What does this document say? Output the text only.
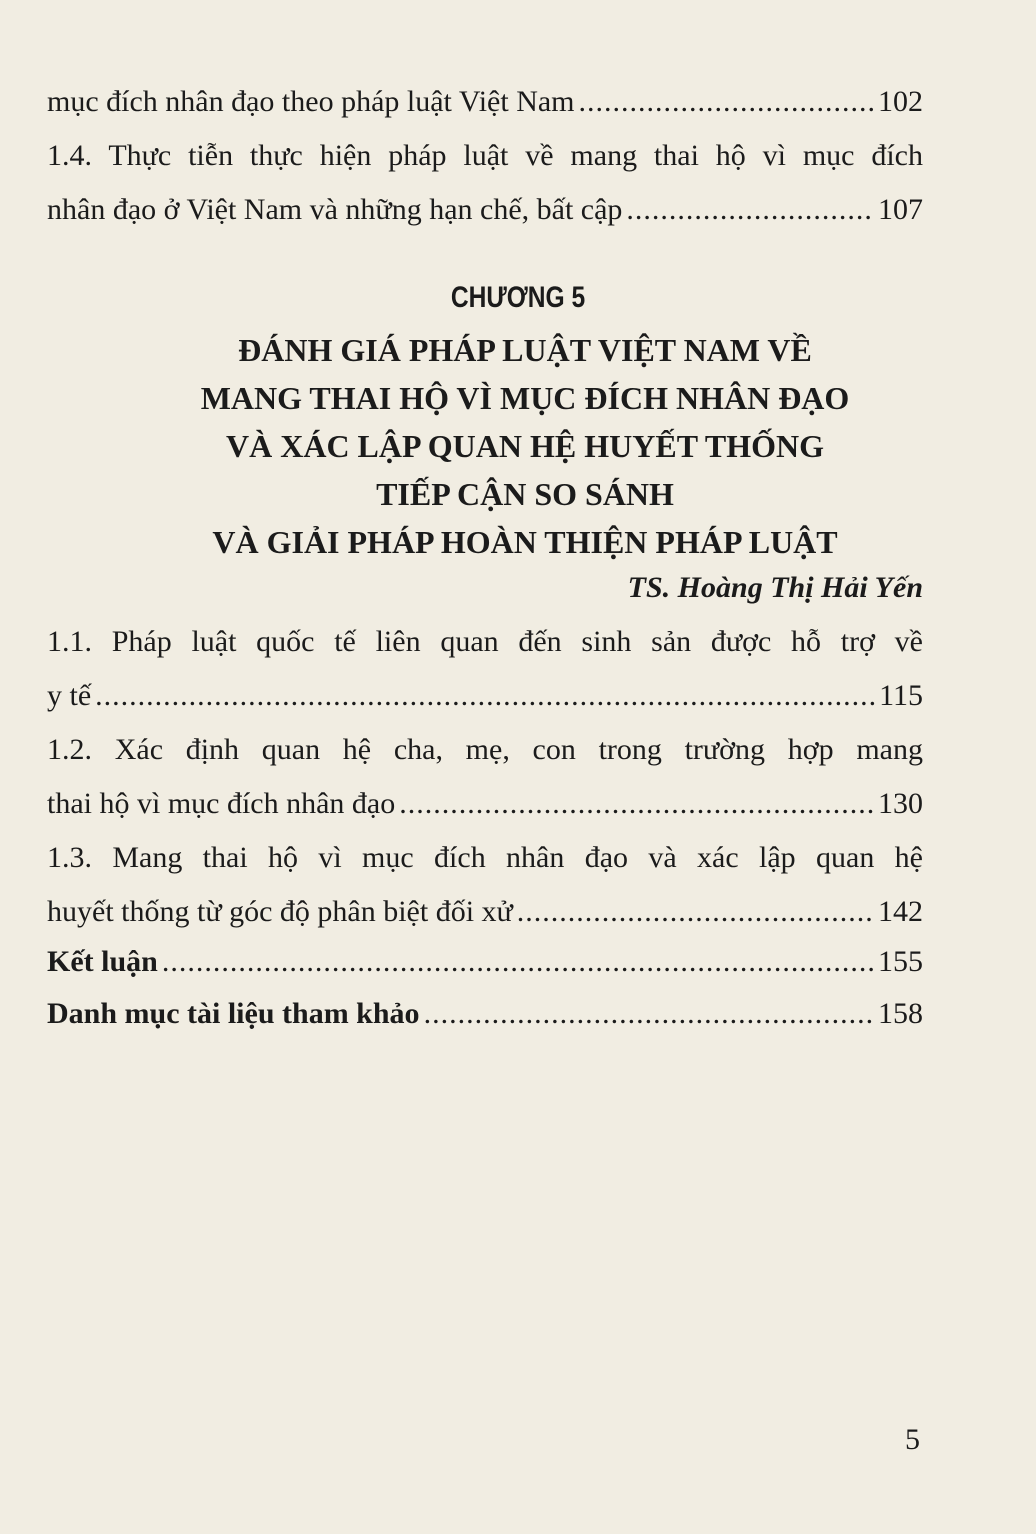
mục đích nhân đạo theo pháp luật Việt Nam .....	102
1.4. Thực tiễn thực hiện pháp luật về mang thai hộ vì mục đích
nhân đạo ở Việt Nam và những hạn chế, bất cập .....	107
CHƯƠNG 5
ĐÁNH GIÁ PHÁP LUẬT VIỆT NAM VỀ
MANG THAI HỘ VÌ MỤC ĐÍCH NHÂN ĐẠO
VÀ XÁC LẬP QUAN HỆ HUYẾT THỐNG
TIẾP CẬN SO SÁNH
VÀ GIẢI PHÁP HOÀN THIỆN PHÁP LUẬT
TS. Hoàng Thị Hải Yến
1.1. Pháp luật quốc tế liên quan đến sinh sản được hỗ trợ về
y tế .....	115
1.2. Xác định quan hệ cha, mẹ, con trong trường hợp mang
thai hộ vì mục đích nhân đạo .....	130
1.3. Mang thai hộ vì mục đích nhân đạo và xác lập quan hệ
huyết thống từ góc độ phân biệt đối xử .....	142
Kết luận .....	155
Danh mục tài liệu tham khảo .....	158
5
